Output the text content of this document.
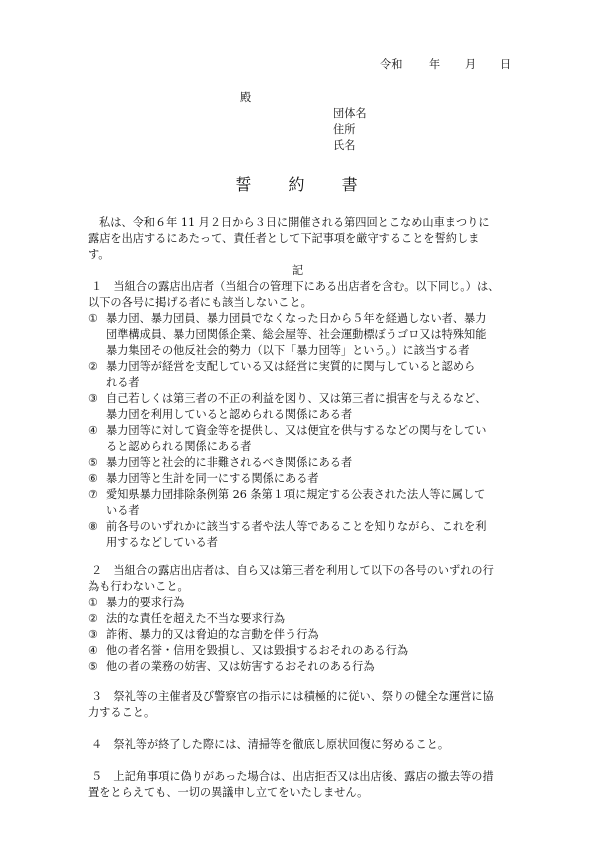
令和 年 月 日
殿
団体名
住所
氏名
誓 約 書
私は、令和６年 11 月２日から３日に開催される第四回とこなめ山車まつりに
露店を出店するにあたって、責任者として下記事項を厳守することを誓約しま
す。
記
１　当組合の露店出店者（当組合の管理下にある出店者を含む。以下同じ。）は、
以下の各号に掲げる者にも該当しないこと。
① 暴力団、暴力団員、暴力団員でなくなった日から５年を経過しない者、暴力
団準構成員、暴力団関係企業、総会屋等、社会運動標ぼうゴロ又は特殊知能
暴力集団その他反社会的勢力（以下「暴力団等」という。）に該当する者
② 暴力団等が経営を支配している又は経営に実質的に関与していると認めら
れる者
③ 自己若しくは第三者の不正の利益を図り、又は第三者に損害を与えるなど、
暴力団を利用していると認められる関係にある者
④ 暴力団等に対して資金等を提供し、又は便宜を供与するなどの関与をしてい
ると認められる関係にある者
⑤ 暴力団等と社会的に非難されるべき関係にある者
⑥ 暴力団等と生計を同一にする関係にある者
⑦ 愛知県暴力団排除条例第 26 条第１項に規定する公表された法人等に属して
いる者
⑧ 前各号のいずれかに該当する者や法人等であることを知りながら、これを利
用するなどしている者
２　当組合の露店出店者は、自ら又は第三者を利用して以下の各号のいずれの行
為も行わないこと。
① 暴力的要求行為
② 法的な責任を超えた不当な要求行為
③ 詐術、暴力的又は脅迫的な言動を伴う行為
④ 他の者名誉・信用を毀損し、又は毀損するおそれのある行為
⑤ 他の者の業務の妨害、又は妨害するおそれのある行為
３　祭礼等の主催者及び警察官の指示には積極的に従い、祭りの健全な運営に協
力すること。
４　祭礼等が終了した際には、清掃等を徹底し原状回復に努めること。
５　上記角事項に偽りがあった場合は、出店拒否又は出店後、露店の撤去等の措
置をとらえても、一切の異議申し立てをいたしません。
